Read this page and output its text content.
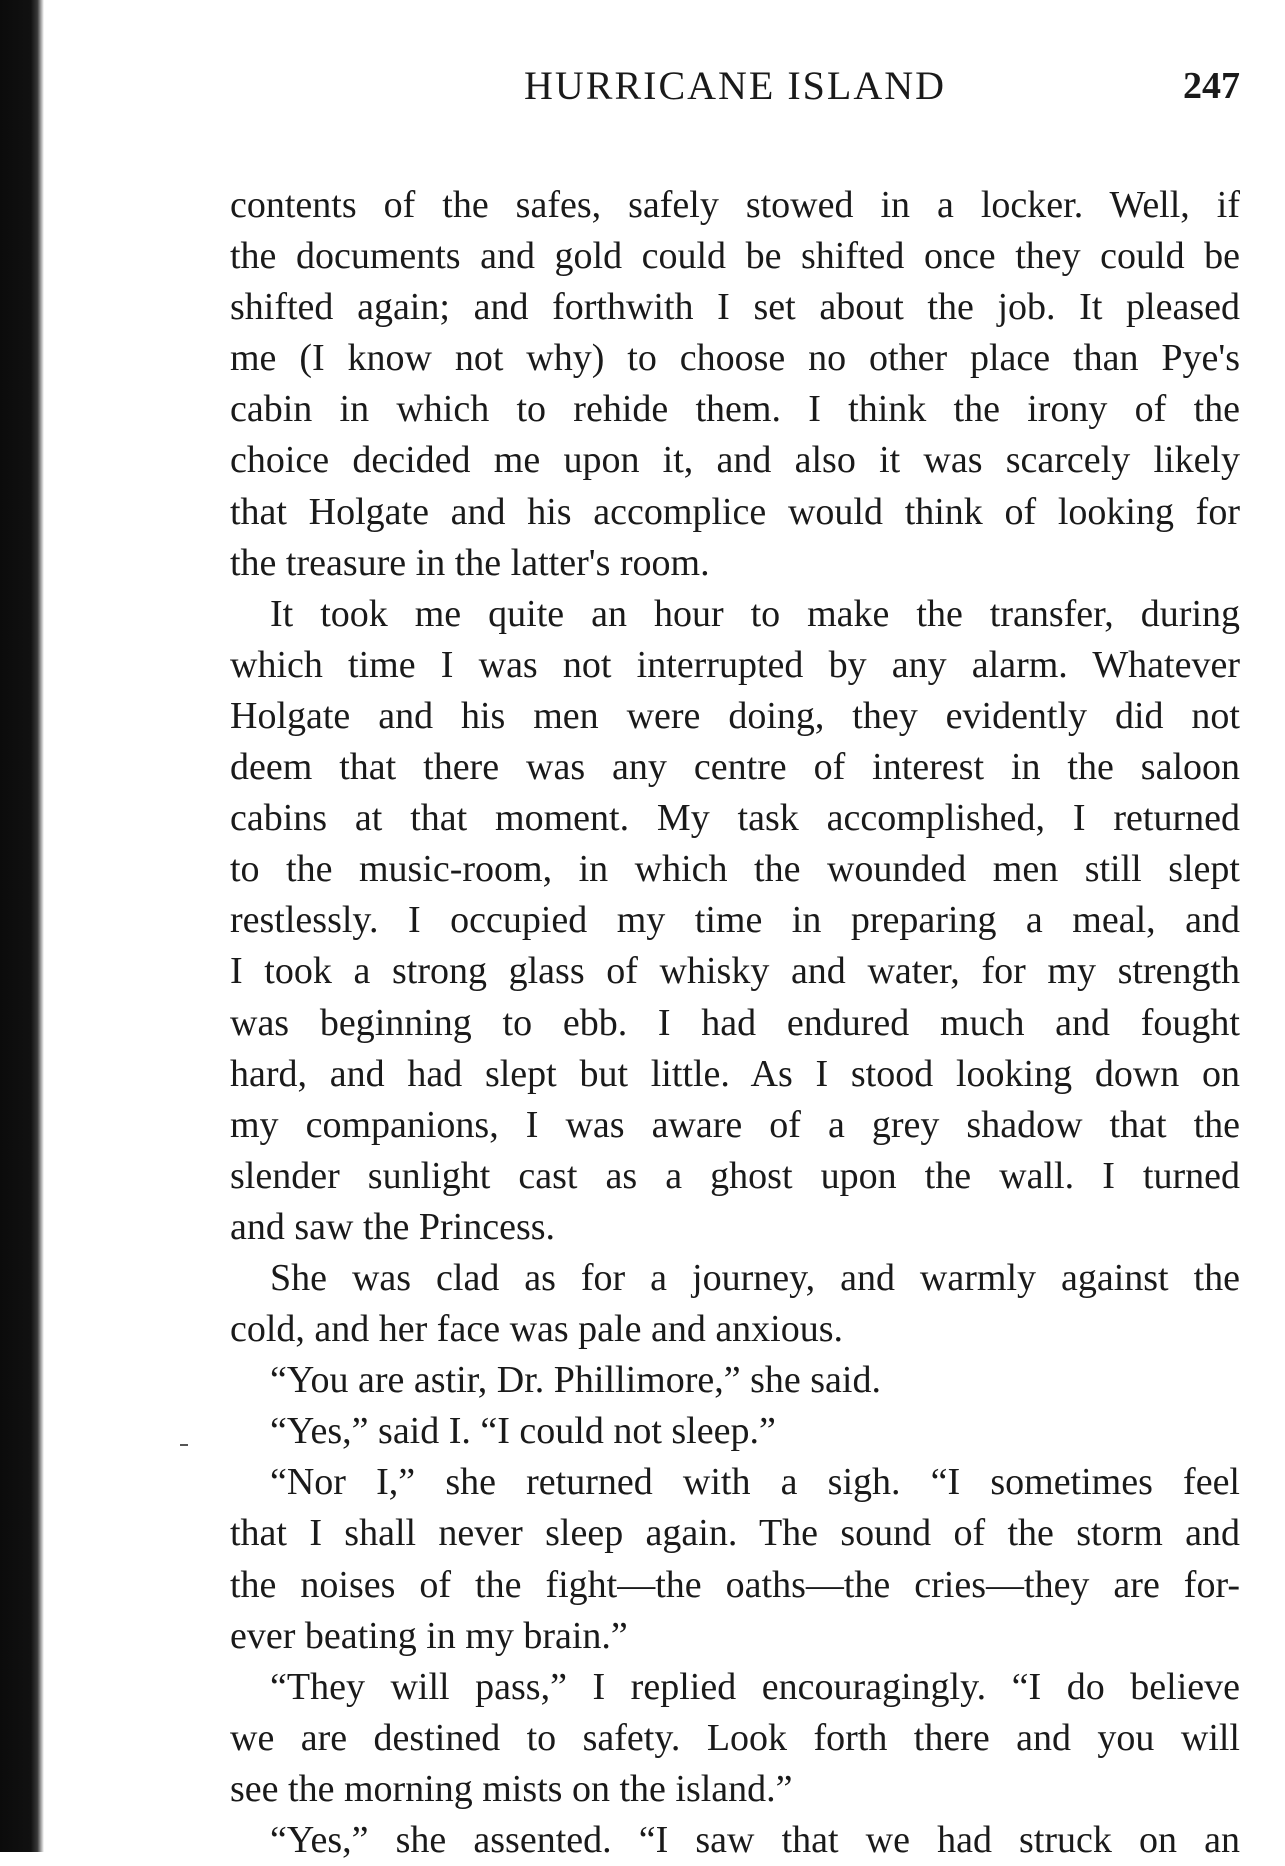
HURRICANE ISLAND	247
contents of the safes, safely stowed in a locker. Well, if
the documents and gold could be shifted once they could be
shifted again; and forthwith I set about the job. It pleased
me (I know not why) to choose no other place than Pye's
cabin in which to rehide them. I think the irony of the
choice decided me upon it, and also it was scarcely likely
that Holgate and his accomplice would think of looking for
the treasure in the latter's room.
It took me quite an hour to make the transfer, during
which time I was not interrupted by any alarm. Whatever
Holgate and his men were doing, they evidently did not
deem that there was any centre of interest in the saloon
cabins at that moment. My task accomplished, I returned
to the music-room, in which the wounded men still slept
restlessly. I occupied my time in preparing a meal, and
I took a strong glass of whisky and water, for my strength
was beginning to ebb. I had endured much and fought
hard, and had slept but little. As I stood looking down on
my companions, I was aware of a grey shadow that the
slender sunlight cast as a ghost upon the wall. I turned
and saw the Princess.
She was clad as for a journey, and warmly against the
cold, and her face was pale and anxious.
“You are astir, Dr. Phillimore,” she said.
“Yes,” said I. “I could not sleep.”
“Nor I,” she returned with a sigh. “I sometimes feel
that I shall never sleep again. The sound of the storm and
the noises of the fight—the oaths—the cries—they are for-
ever beating in my brain.”
“They will pass,” I replied encouragingly. “I do believe
we are destined to safety. Look forth there and you will
see the morning mists on the island.”
“Yes,” she assented. “I saw that we had struck on an
